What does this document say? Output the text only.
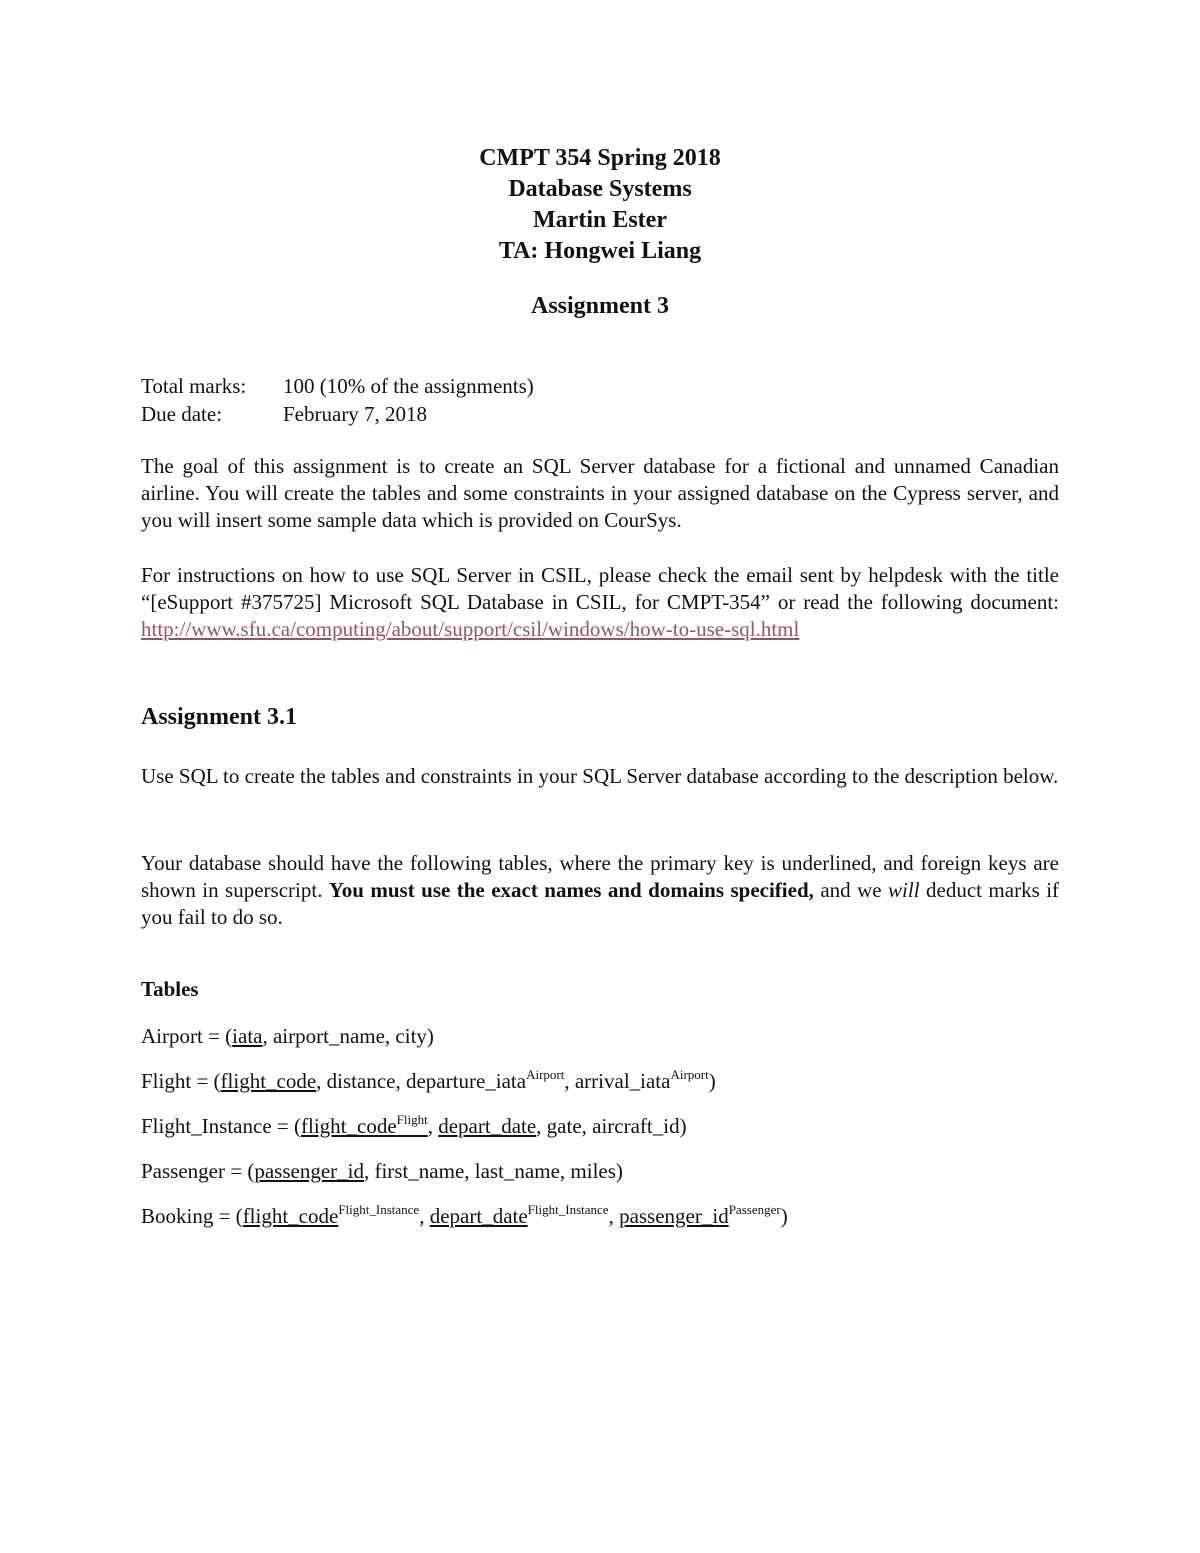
CMPT 354 Spring 2018
Database Systems
Martin Ester
TA: Hongwei Liang
Assignment 3
Total marks:	100 (10% of the assignments)
Due date:	February 7, 2018

The goal of this assignment is to create an SQL Server database for a fictional and unnamed Canadian airline. You will create the tables and some constraints in your assigned database on the Cypress server, and you will insert some sample data which is provided on CourSys.

For instructions on how to use SQL Server in CSIL, please check the email sent by helpdesk with the title “[eSupport #375725] Microsoft SQL Database in CSIL, for CMPT-354” or read the following document: http://www.sfu.ca/computing/about/support/csil/windows/how-to-use-sql.html

Assignment 3.1

Use SQL to create the tables and constraints in your SQL Server database according to the description below.

Your database should have the following tables, where the primary key is underlined, and foreign keys are shown in superscript. You must use the exact names and domains specified, and we will deduct marks if you fail to do so.

Tables
Airport = (iata, airport_name, city)
Flight = (flight_code, distance, departure_iata$^{Airport}$, arrival_iata$^{Airport}$)
Flight_Instance = (flight_code$^{Flight}$, depart_date, gate, aircraft_id)
Passenger = (passenger_id, first_name, last_name, miles)
Booking = (flight_code$^{Flight\_Instance}$, depart_date$^{Flight\_Instance}$, $passenger\_id^{Passenger}$)
